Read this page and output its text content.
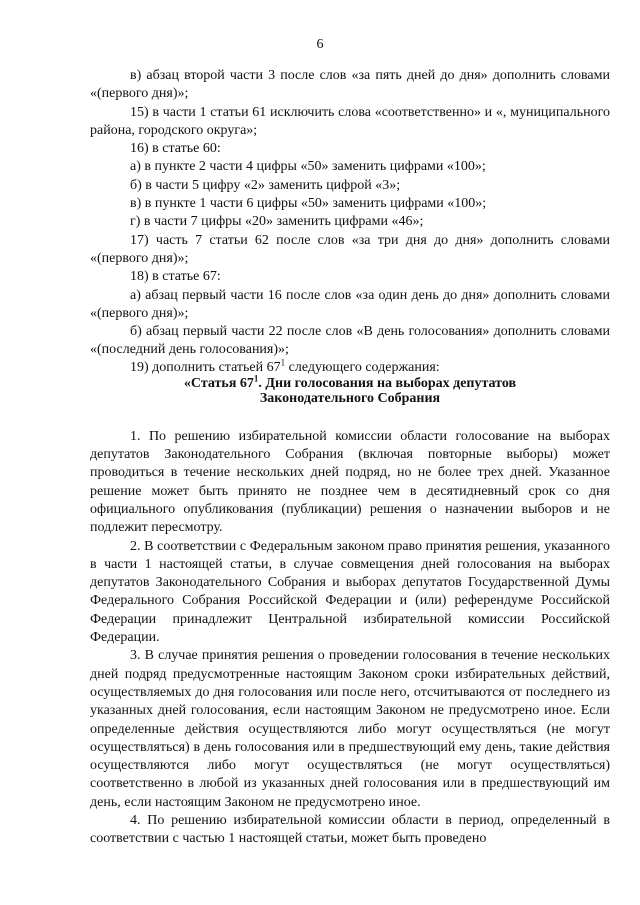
6

в) абзац второй части 3 после слов «за пять дней до дня» дополнить словами «(первого дня)»;

15) в части 1 статьи 61 исключить слова «соответственно» и «, муниципального района, городского округа»;

16) в статье 60:

а) в пункте 2 части 4 цифры «50» заменить цифрами «100»;

б) в части 5 цифру «2» заменить цифрой «3»;

в) в пункте 1 части 6 цифры «50» заменить цифрами «100»;

г) в части 7 цифры «20» заменить цифрами «46»;

17) часть 7 статьи 62 после слов «за три дня до дня» дополнить словами «(первого дня)»;

18) в статье 67:

а) абзац первый части 16 после слов «за один день до дня» дополнить словами «(первого дня)»;

б) абзац первый части 22 после слов «В день голосования» дополнить словами «(последний день голосования)»;

19) дополнить статьей $67^1$ следующего содержания:

«Статья $67^1$. Дни голосования на выборах депутатов
Законодательного Собрания

1. По решению избирательной комиссии области голосование на выборах депутатов Законодательного Собрания (включая повторные выборы) может проводиться в течение нескольких дней подряд, но не более трех дней. Указанное решение может быть принято не позднее чем в десятидневный срок со дня официального опубликования (публикации) решения о назначении выборов и не подлежит пересмотру.

2. В соответствии с Федеральным законом право принятия решения, указанного в части 1 настоящей статьи, в случае совмещения дней голосования на выборах депутатов Законодательного Собрания и выборах депутатов Государственной Думы Федерального Собрания Российской Федерации и (или) референдуме Российской Федерации принадлежит Центральной избирательной комиссии Российской Федерации.

3. В случае принятия решения о проведении голосования в течение нескольких дней подряд предусмотренные настоящим Законом сроки избирательных действий, осуществляемых до дня голосования или после него, отсчитываются от последнего из указанных дней голосования, если настоящим Законом не предусмотрено иное. Если определенные действия осуществляются либо могут осуществляться (не могут осуществляться) в день голосования или в предшествующий ему день, такие действия осуществляются либо могут осуществляться (не могут осуществляться) соответственно в любой из указанных дней голосования или в предшествующий им день, если настоящим Законом не предусмотрено иное.

4. По решению избирательной комиссии области в период, определенный в соответствии с частью 1 настоящей статьи, может быть проведено
